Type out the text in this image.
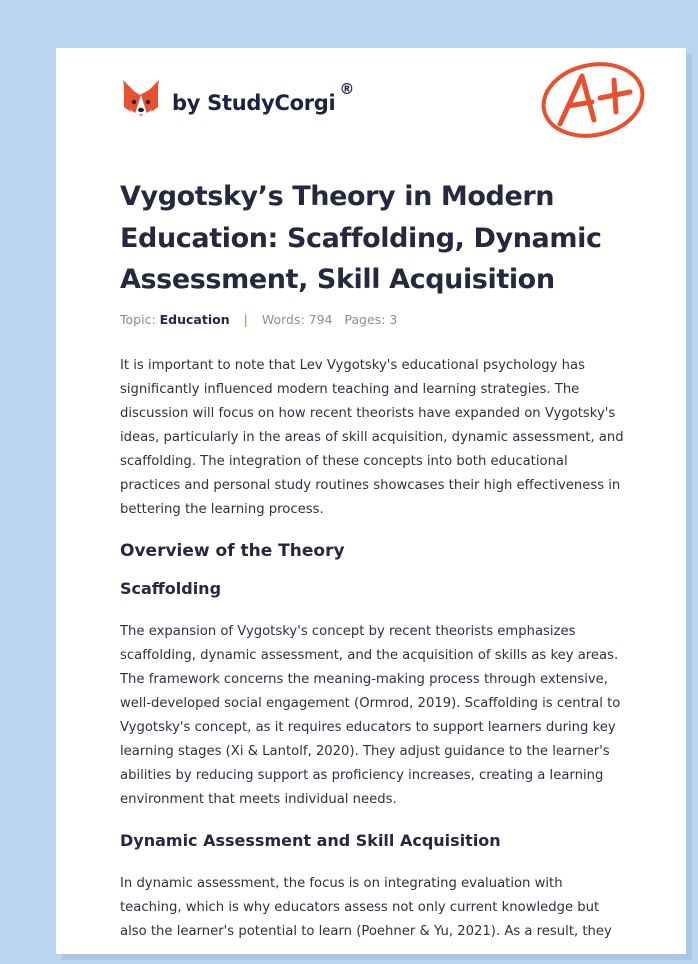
by StudyCorgi
®
Vygotsky’s Theory in Modern Education: Scaffolding, Dynamic Assessment, Skill Acquisition
Topic: Education | Words: 794 Pages: 3

It is important to note that Lev Vygotsky's educational psychology has significantly influenced modern teaching and learning strategies. The discussion will focus on how recent theorists have expanded on Vygotsky's ideas, particularly in the areas of skill acquisition, dynamic assessment, and scaffolding. The integration of these concepts into both educational practices and personal study routines showcases their high effectiveness in bettering the learning process.

Overview of the Theory
Scaffolding

The expansion of Vygotsky's concept by recent theorists emphasizes scaffolding, dynamic assessment, and the acquisition of skills as key areas. The framework concerns the meaning-making process through extensive, well-developed social engagement (Ormrod, 2019). Scaffolding is central to Vygotsky's concept, as it requires educators to support learners during key learning stages (Xi & Lantolf, 2020). They adjust guidance to the learner's abilities by reducing support as proficiency increases, creating a learning environment that meets individual needs.

Dynamic Assessment and Skill Acquisition

In dynamic assessment, the focus is on integrating evaluation with teaching, which is why educators assess not only current knowledge but also the learner's potential to learn (Poehner & Yu, 2021). As a result, they
